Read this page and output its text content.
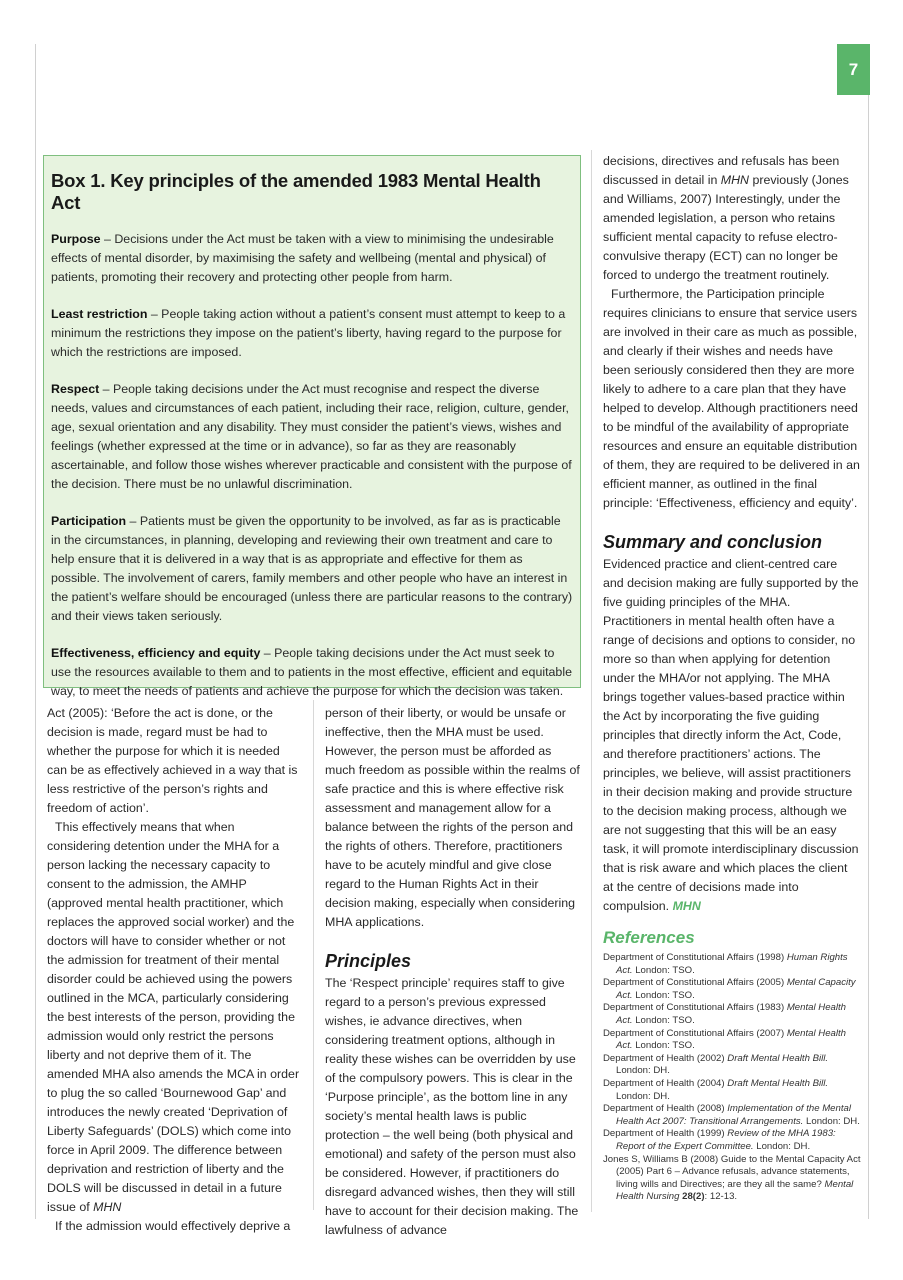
7
Box 1. Key principles of the amended 1983 Mental Health Act

Purpose – Decisions under the Act must be taken with a view to minimising the undesirable effects of mental disorder, by maximising the safety and wellbeing (mental and physical) of patients, promoting their recovery and protecting other people from harm.

Least restriction – People taking action without a patient’s consent must attempt to keep to a minimum the restrictions they impose on the patient’s liberty, having regard to the purpose for which the restrictions are imposed.

Respect – People taking decisions under the Act must recognise and respect the diverse needs, values and circumstances of each patient, including their race, religion, culture, gender, age, sexual orientation and any disability. They must consider the patient’s views, wishes and feelings (whether expressed at the time or in advance), so far as they are reasonably ascertainable, and follow those wishes wherever practicable and consistent with the purpose of the decision. There must be no unlawful discrimination.

Participation – Patients must be given the opportunity to be involved, as far as is practicable in the circumstances, in planning, developing and reviewing their own treatment and care to help ensure that it is delivered in a way that is as appropriate and effective for them as possible. The involvement of carers, family members and other people who have an interest in the patient’s welfare should be encouraged (unless there are particular reasons to the contrary) and their views taken seriously.

Effectiveness, efficiency and equity – People taking decisions under the Act must seek to use the resources available to them and to patients in the most effective, efficient and equitable way, to meet the needs of patients and achieve the purpose for which the decision was taken.

Act (2005): ‘Before the act is done, or the decision is made, regard must be had to whether the purpose for which it is needed can be as effectively achieved in a way that is less restrictive of the person’s rights and freedom of action’.

This effectively means that when considering detention under the MHA for a person lacking the necessary capacity to consent to the admission, the AMHP (approved mental health practitioner, which replaces the approved social worker) and the doctors will have to consider whether or not the admission for treatment of their mental disorder could be achieved using the powers outlined in the MCA, particularly considering the best interests of the person, providing the admission would only restrict the persons liberty and not deprive them of it. The amended MHA also amends the MCA in order to plug the so called ‘Bournewood Gap’ and introduces the newly created ‘Deprivation of Liberty Safeguards’ (DOLS) which come into force in April 2009. The difference between deprivation and restriction of liberty and the DOLS will be discussed in detail in a future issue of MHN

If the admission would effectively deprive a

person of their liberty, or would be unsafe or ineffective, then the MHA must be used. However, the person must be afforded as much freedom as possible within the realms of safe practice and this is where effective risk assessment and management allow for a balance between the rights of the person and the rights of others. Therefore, practitioners have to be acutely mindful and give close regard to the Human Rights Act in their decision making, especially when considering MHA applications.

Principles

The ‘Respect principle’ requires staff to give regard to a person’s previous expressed wishes, ie advance directives, when considering treatment options, although in reality these wishes can be overridden by use of the compulsory powers. This is clear in the ‘Purpose principle’, as the bottom line in any society’s mental health laws is public protection – the well being (both physical and emotional) and safety of the person must also be considered. However, if practitioners do disregard advanced wishes, then they will still have to account for their decision making. The lawfulness of advance

decisions, directives and refusals has been discussed in detail in MHN previously (Jones and Williams, 2007) Interestingly, under the amended legislation, a person who retains sufficient mental capacity to refuse electro-convulsive therapy (ECT) can no longer be forced to undergo the treatment routinely.

Furthermore, the Participation principle requires clinicians to ensure that service users are involved in their care as much as possible, and clearly if their wishes and needs have been seriously considered then they are more likely to adhere to a care plan that they have helped to develop. Although practitioners need to be mindful of the availability of appropriate resources and ensure an equitable distribution of them, they are required to be delivered in an efficient manner, as outlined in the final principle: ‘Effectiveness, efficiency and equity’.

Summary and conclusion

Evidenced practice and client-centred care and decision making are fully supported by the five guiding principles of the MHA. Practitioners in mental health often have a range of decisions and options to consider, no more so than when applying for detention under the MHA/or not applying. The MHA brings together values-based practice within the Act by incorporating the five guiding principles that directly inform the Act, Code, and therefore practitioners’ actions. The principles, we believe, will assist practitioners in their decision making and provide structure to the decision making process, although we are not suggesting that this will be an easy task, it will promote interdisciplinary discussion that is risk aware and which places the client at the centre of decisions made into compulsion. MHN

References

Department of Constitutional Affairs (1998) Human Rights Act. London: TSO.

Department of Constitutional Affairs (2005) Mental Capacity Act. London: TSO.

Department of Constitutional Affairs (1983) Mental Health Act. London: TSO.

Department of Constitutional Affairs (2007) Mental Health Act. London: TSO.

Department of Health (2002) Draft Mental Health Bill. London: DH.

Department of Health (2004) Draft Mental Health Bill. London: DH.

Department of Health (2008) Implementation of the Mental Health Act 2007: Transitional Arrangements. London: DH.

Department of Health (1999) Review of the MHA 1983: Report of the Expert Committee. London: DH.

Jones S, Williams B (2008) Guide to the Mental Capacity Act (2005) Part 6 – Advance refusals, advance statements, living wills and Directives; are they all the same? Mental Health Nursing 28(2): 12-13.
